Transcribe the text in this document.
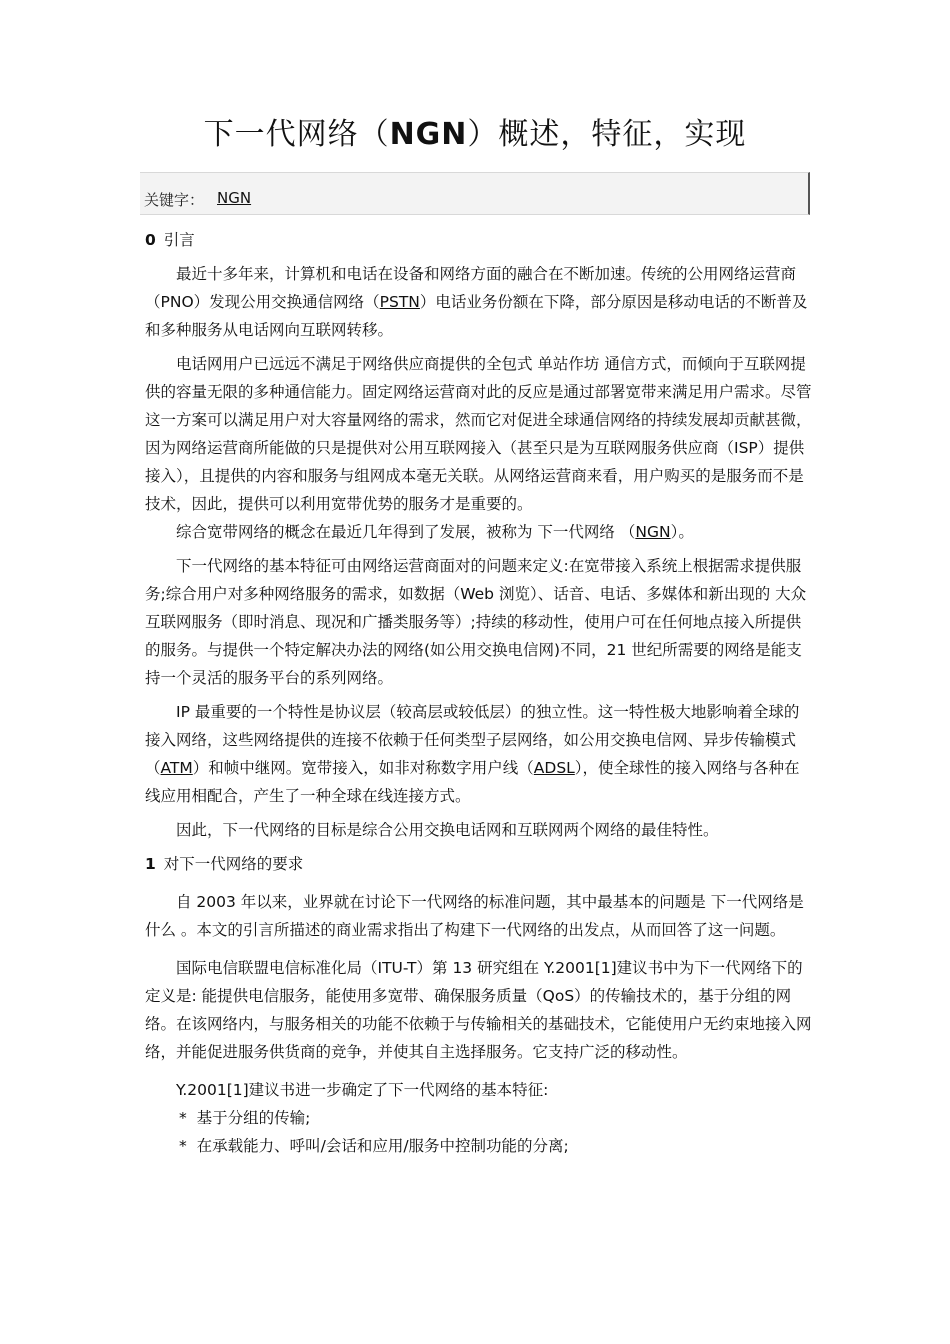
下一代网络（NGN）概述，特征，实现
关键字： NGN

0 引言

最近十多年来，计算机和电话在设备和网络方面的融合在不断加速。传统的公用网络运营商（PNO）发现公用交换通信网络（PSTN）电话业务份额在下降，部分原因是移动电话的不断普及和多种服务从电话网向互联网转移。

电话网用户已远远不满足于网络供应商提供的全包式 单站作坊 通信方式，而倾向于互联网提供的容量无限的多种通信能力。固定网络运营商对此的反应是通过部署宽带来满足用户需求。尽管这一方案可以满足用户对大容量网络的需求，然而它对促进全球通信网络的持续发展却贡献甚微，因为网络运营商所能做的只是提供对公用互联网接入（甚至只是为互联网服务供应商（ISP）提供接入），且提供的内容和服务与组网成本毫无关联。从网络运营商来看，用户购买的是服务而不是技术，因此，提供可以利用宽带优势的服务才是重要的。

综合宽带网络的概念在最近几年得到了发展，被称为 下一代网络 （NGN）。

下一代网络的基本特征可由网络运营商面对的问题来定义:在宽带接入系统上根据需求提供服务;综合用户对多种网络服务的需求，如数据（Web 浏览）、话音、电话、多媒体和新出现的 大众 互联网服务（即时消息、现况和广播类服务等）;持续的移动性，使用户可在任何地点接入所提供的服务。与提供一个特定解决办法的网络(如公用交换电信网)不同，21 世纪所需要的网络是能支持一个灵活的服务平台的系列网络。

IP 最重要的一个特性是协议层（较高层或较低层）的独立性。这一特性极大地影响着全球的接入网络，这些网络提供的连接不依赖于任何类型子层网络，如公用交换电信网、异步传输模式（ATM）和帧中继网。宽带接入，如非对称数字用户线（ADSL），使全球性的接入网络与各种在线应用相配合，产生了一种全球在线连接方式。

因此，下一代网络的目标是综合公用交换电话网和互联网两个网络的最佳特性。

1 对下一代网络的要求

自 2003 年以来，业界就在讨论下一代网络的标准问题，其中最基本的问题是 下一代网络是什么 。本文的引言所描述的商业需求指出了构建下一代网络的出发点，从而回答了这一问题。

国际电信联盟电信标准化局（ITU-T）第 13 研究组在 Y.2001[1]建议书中为下一代网络下的定义是: 能提供电信服务，能使用多宽带、确保服务质量（QoS）的传输技术的，基于分组的网络。在该网络内，与服务相关的功能不依赖于与传输相关的基础技术，它能使用户无约束地接入网络，并能促进服务供货商的竞争，并使其自主选择服务。它支持广泛的移动性。

Y.2001[1]建议书进一步确定了下一代网络的基本特征:

* 基于分组的传输;

* 在承载能力、呼叫/会话和应用/服务中控制功能的分离;
